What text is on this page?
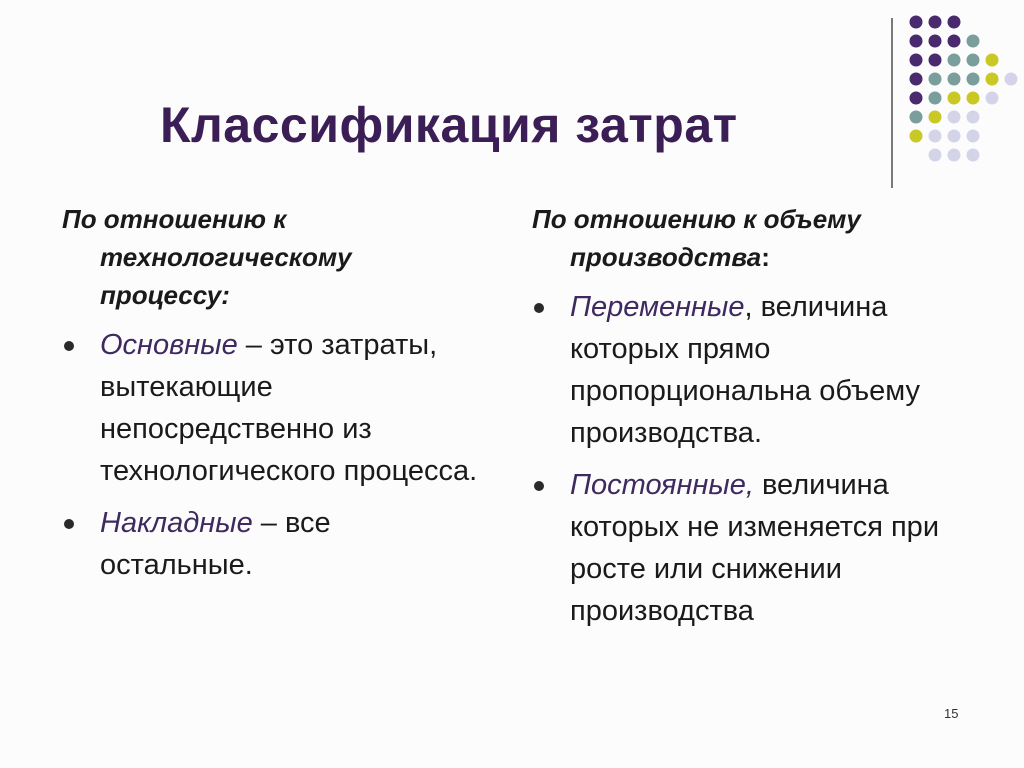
Классификация затрат

По отношению к
технологическому процессу:

Основные – это затраты, вытекающие непосредственно из технологического процесса.
Накладные – все остальные.

По отношению к объему
производства:

Переменные, величина которых прямо пропорциональна объему производства.
Постоянные, величина которых не изменяется при росте или снижении производства
15
